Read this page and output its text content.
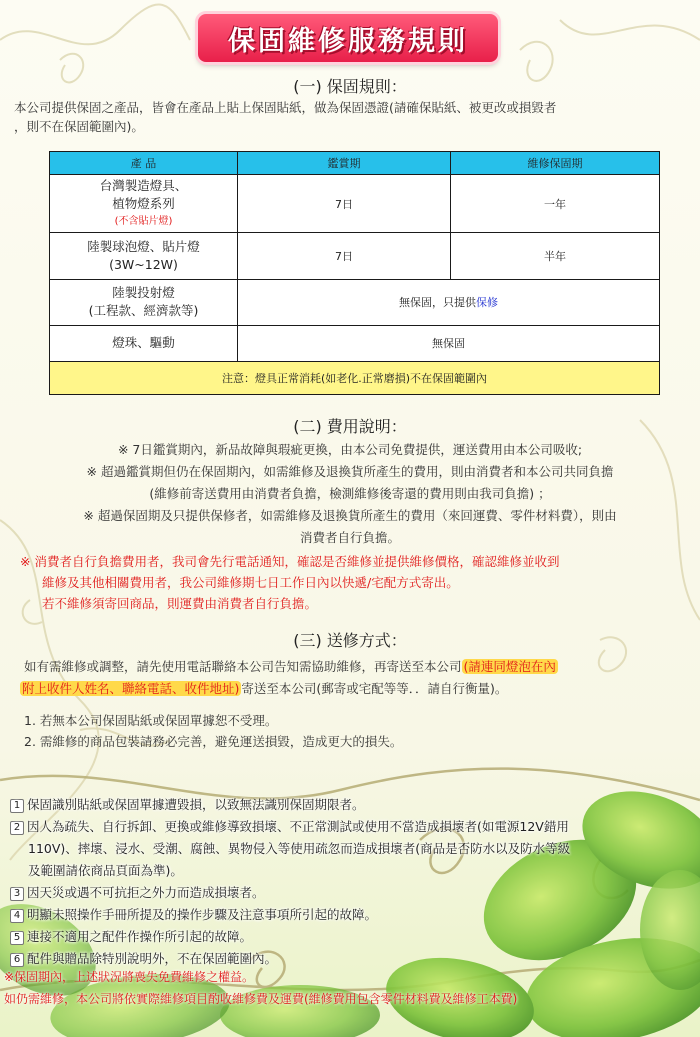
保固維修服務規則
(一) 保固規則：
本公司提供保固之產品，皆會在產品上貼上保固貼紙，做為保固憑證(請確保貼紙、被更改或損毀者
，則不在保固範圍內)。
產 品	鑑賞期	維修保固期

台灣製造燈具、
植物燈系列
(不含貼片燈)	7日	一年

陸製球泡燈、貼片燈
(3W~12W)	7日	半年

陸製投射燈
(工程款、經濟款等)	無保固，只提供保修	

燈珠、驅動	無保固	
注意：燈具正常消耗(如老化.正常磨損)不在保固範圍內		
(二) 費用說明：
※ 7日鑑賞期內，新品故障與瑕疵更換，由本公司免費提供，運送費用由本公司吸收;
※ 超過鑑賞期但仍在保固期內，如需維修及退換貨所產生的費用，則由消費者和本公司共同負擔
(維修前寄送費用由消費者負擔，檢測維修後寄還的費用則由我司負擔) ；
※ 超過保固期及只提供保修者，如需維修及退換貨所產生的費用（來回運費、零件材料費），則由
消費者自行負擔。
※ 消費者自行負擔費用者，我司會先行電話通知，確認是否維修並提供維修價格，確認維修並收到
維修及其他相關費用者，我公司維修期七日工作日內以快遞/宅配方式寄出。
若不維修須寄回商品，則運費由消費者自行負擔。
(三) 送修方式：
如有需維修或調整，請先使用電話聯絡本公司告知需協助維修，再寄送至本公司 (請連同燈泡在內
附上收件人姓名、聯絡電話、收件地址) 寄送至本公司(郵寄或宅配等等．．請自行衡量)。
1. 若無本公司保固貼紙或保固單據恕不受理。
2. 需維修的商品包裝請務必完善，避免運送損毀，造成更大的損失。
1 保固識別貼紙或保固單據遭毀損，以致無法識別保固期限者。
2 因人為疏失、自行拆卸、更換或維修導致損壞、不正常測試或使用不當造成損壞者(如電源12V錯用
110V)、摔壞、浸水、受潮、腐蝕、異物侵入等使用疏忽而造成損壞者(商品是否防水以及防水等級
及範圍請依商品頁面為準)。
3 因天災或遇不可抗拒之外力而造成損壞者。
4 明顯未照操作手冊所提及的操作步驟及注意事項所引起的故障。
5 連接不適用之配件作操作所引起的故障。
6 配件與贈品除特別說明外，不在保固範圍內。
※保固期內，上述狀況將喪失免費維修之權益。
如仍需維修，本公司將依實際維修項目酌收維修費及運費(維修費用包含零件材料費及維修工本費)
